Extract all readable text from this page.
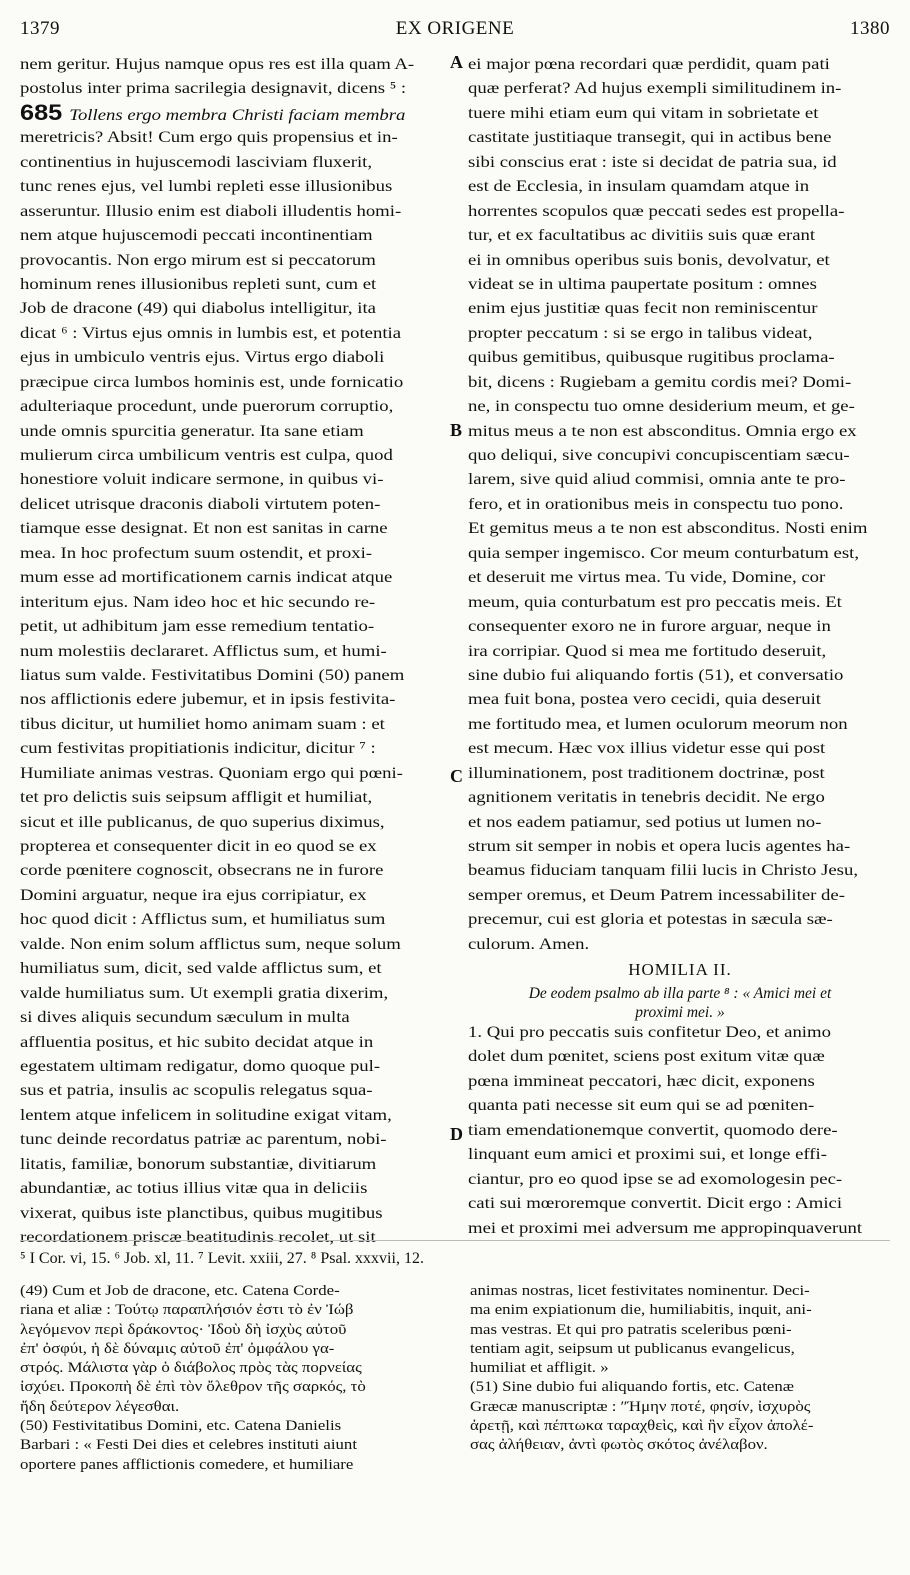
1379	EX ORIGENE	1380
A
B
C
D
nem geritur. Hujus namque opus res est illa quam A-
postolus inter prima sacrilegia designavit, dicens ⁵ :
685 Tollens ergo membra Christi faciam membra
meretricis? Absit! Cum ergo quis propensius et in-
continentius in hujuscemodi lasciviam fluxerit,
tunc renes ejus, vel lumbi repleti esse illusionibus
asseruntur. Illusio enim est diaboli illudentis homi-
nem atque hujuscemodi peccati incontinentiam
provocantis. Non ergo mirum est si peccatorum
hominum renes illusionibus repleti sunt, cum et
Job de dracone (49) qui diabolus intelligitur, ita
dicat ⁶ : Virtus ejus omnis in lumbis est, et potentia
ejus in umbiculo ventris ejus. Virtus ergo diaboli
præcipue circa lumbos hominis est, unde fornicatio
adulteriaque procedunt, unde puerorum corruptio,
unde omnis spurcitia generatur. Ita sane etiam
mulierum circa umbilicum ventris est culpa, quod
honestiore voluit indicare sermone, in quibus vi-
delicet utrisque draconis diaboli virtutem poten-
tiamque esse designat. Et non est sanitas in carne
mea. In hoc profectum suum ostendit, et proxi-
mum esse ad mortificationem carnis indicat atque
interitum ejus. Nam ideo hoc et hic secundo re-
petit, ut adhibitum jam esse remedium tentatio-
num molestiis declararet. Afflictus sum, et humi-
liatus sum valde. Festivitatibus Domini (50) panem
nos afflictionis edere jubemur, et in ipsis festivita-
tibus dicitur, ut humiliet homo animam suam : et
cum festivitas propitiationis indicitur, dicitur ⁷ :
Humiliate animas vestras. Quoniam ergo qui pœni-
tet pro delictis suis seipsum affligit et humiliat,
sicut et ille publicanus, de quo superius diximus,
propterea et consequenter dicit in eo quod se ex
corde pœnitere cognoscit, obsecrans ne in furore
Domini arguatur, neque ira ejus corripiatur, ex
hoc quod dicit : Afflictus sum, et humiliatus sum
valde. Non enim solum afflictus sum, neque solum
humiliatus sum, dicit, sed valde afflictus sum, et
valde humiliatus sum. Ut exempli gratia dixerim,
si dives aliquis secundum sæculum in multa
affluentia positus, et hic subito decidat atque in
egestatem ultimam redigatur, domo quoque pul-
sus et patria, insulis ac scopulis relegatus squa-
lentem atque infelicem in solitudine exigat vitam,
tunc deinde recordatus patriæ ac parentum, nobi-
litatis, familiæ, bonorum substantiæ, divitiarum
abundantiæ, ac totius illius vitæ qua in deliciis
vixerat, quibus iste planctibus, quibus mugitibus
recordationem priscæ beatitudinis recolet, ut sit
ei major pœna recordari quæ perdidit, quam pati
quæ perferat? Ad hujus exempli similitudinem in-
tuere mihi etiam eum qui vitam in sobrietate et
castitate justitiaque transegit, qui in actibus bene
sibi conscius erat : iste si decidat de patria sua, id
est de Ecclesia, in insulam quamdam atque in
horrentes scopulos quæ peccati sedes est propella-
tur, et ex facultatibus ac divitiis suis quæ erant
ei in omnibus operibus suis bonis, devolvatur, et
videat se in ultima paupertate positum : omnes
enim ejus justitiæ quas fecit non reminiscentur
propter peccatum : si se ergo in talibus videat,
quibus gemitibus, quibusque rugitibus proclama-
bit, dicens : Rugiebam a gemitu cordis mei? Domi-
ne, in conspectu tuo omne desiderium meum, et ge-
mitus meus a te non est absconditus. Omnia ergo ex
quo deliqui, sive concupivi concupiscentiam sæcu-
larem, sive quid aliud commisi, omnia ante te pro-
fero, et in orationibus meis in conspectu tuo pono.
Et gemitus meus a te non est absconditus. Nosti enim
quia semper ingemisco. Cor meum conturbatum est,
et deseruit me virtus mea. Tu vide, Domine, cor
meum, quia conturbatum est pro peccatis meis. Et
consequenter exoro ne in furore arguar, neque in
ira corripiar. Quod si mea me fortitudo deseruit,
sine dubio fui aliquando fortis (51), et conversatio
mea fuit bona, postea vero cecidi, quia deseruit
me fortitudo mea, et lumen oculorum meorum non
est mecum. Hæc vox illius videtur esse qui post
illuminationem, post traditionem doctrinæ, post
agnitionem veritatis in tenebris decidit. Ne ergo
et nos eadem patiamur, sed potius ut lumen no-
strum sit semper in nobis et opera lucis agentes ha-
beamus fiduciam tanquam filii lucis in Christo Jesu,
semper oremus, et Deum Patrem incessabiliter de-
precemur, cui est gloria et potestas in sæcula sæ-
culorum. Amen.
HOMILIA II.
De eodem psalmo ab illa parte ⁸ : « Amici mei et
proximi mei. »
1. Qui pro peccatis suis confitetur Deo, et animo
dolet dum pœnitet, sciens post exitum vitæ quæ
pœna immineat peccatori, hæc dicit, exponens
quanta pati necesse sit eum qui se ad pœniten-
tiam emendationemque convertit, quomodo dere-
linquant eum amici et proximi sui, et longe effi-
ciantur, pro eo quod ipse se ad exomologesin pec-
cati sui mœroremque convertit. Dicit ergo : Amici
mei et proximi mei adversum me appropinquaverunt
⁵ I Cor. vi, 15. ⁶ Job. xl, 11. ⁷ Levit. xxiii, 27. ⁸ Psal. xxxvii, 12.
(49) Cum et Job de dracone, etc. Catena Corde-
riana et aliæ : Τούτῳ παραπλήσιόν ἐστι τὸ ἐν Ἰώβ
λεγόμενον περὶ δράκοντος· Ἰδοὺ δὴ ἰσχὺς αὐτοῦ
ἐπ' ὀσφύι, ἡ δὲ δύναμις αὐτοῦ ἐπ' ὀμφάλου γα-
στρός. Μάλιστα γὰρ ὁ διάβολος πρὸς τὰς πορνείας
ἰσχύει. Προκοπὴ δὲ ἐπὶ τὸν ὄλεθρον τῆς σαρκός, τὸ
ἤδη δεύτερον λέγεσθαι.
(50) Festivitatibus Domini, etc. Catena Danielis
Barbari : « Festi Dei dies et celebres instituti aiunt
oportere panes afflictionis comedere, et humiliare
animas nostras, licet festivitates nominentur. Deci-
ma enim expiationum die, humiliabitis, inquit, ani-
mas vestras. Et qui pro patratis sceleribus pœni-
tentiam agit, seipsum ut publicanus evangelicus,
humiliat et affligit. »
(51) Sine dubio fui aliquando fortis, etc. Catenæ
Græcæ manuscriptæ : ″Ήμην ποτέ, φησίν, ἰσχυρὸς
ἀρετῇ, καὶ πέπτωκα ταραχθεὶς, καὶ ἣν εἶχον ἀπολέ-
σας ἀλήθειαν, ἀντὶ φωτὸς σκότος ἀνέλαβον.
